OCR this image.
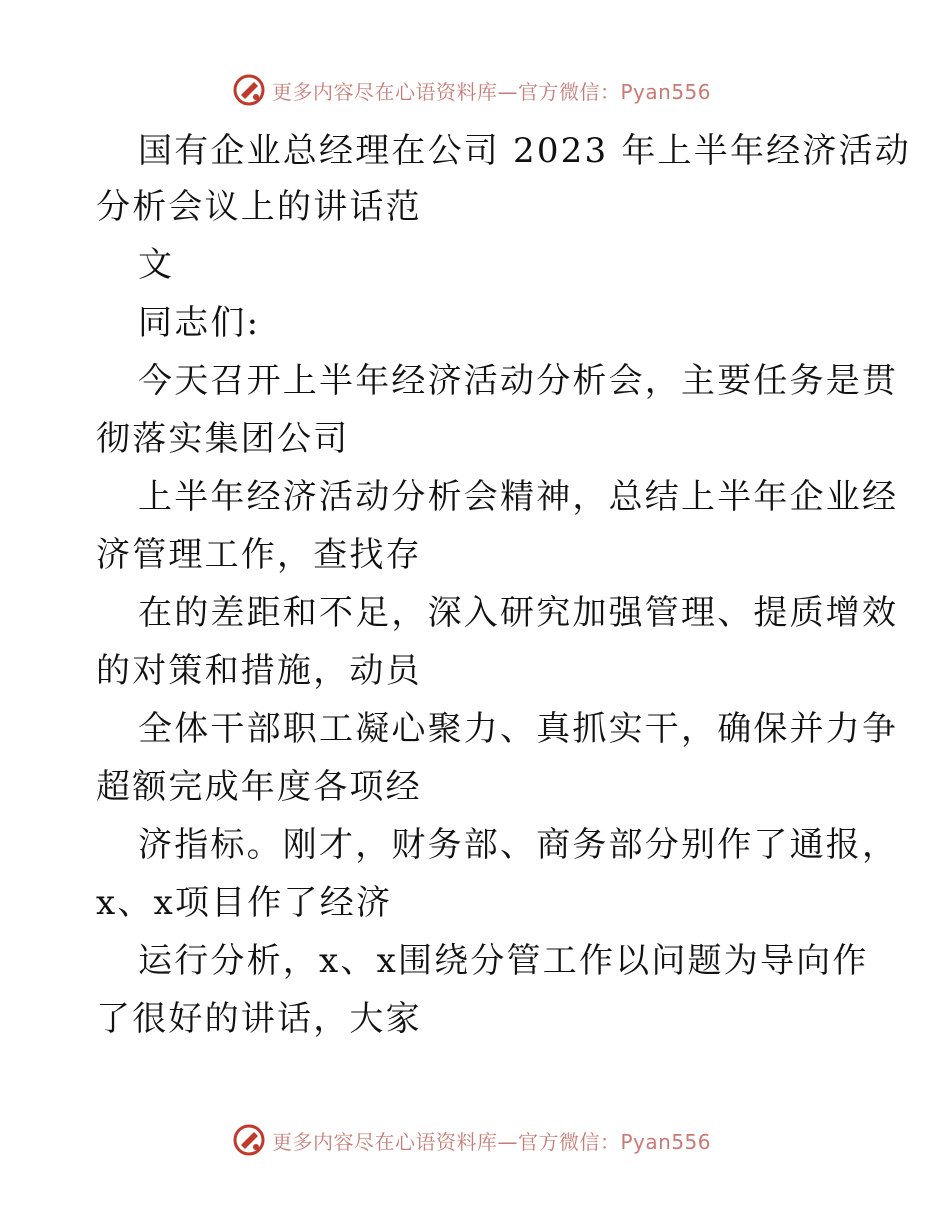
更多内容尽在心语资料库—官方微信：Pyan556
国有企业总经理在公司 2023 年上半年经济活动
分析会议上的讲话范
文
同志们:
今天召开上半年经济活动分析会，主要任务是贯
彻落实集团公司
上半年经济活动分析会精神，总结上半年企业经
济管理工作，查找存
在的差距和不足，深入研究加强管理、提质增效
的对策和措施，动员
全体干部职工凝心聚力、真抓实干，确保并力争
超额完成年度各项经
济指标。刚才，财务部、商务部分别作了通报，
x、x项目作了经济
运行分析，x、x围绕分管工作以问题为导向作
了很好的讲话，大家
更多内容尽在心语资料库—官方微信：Pyan556
